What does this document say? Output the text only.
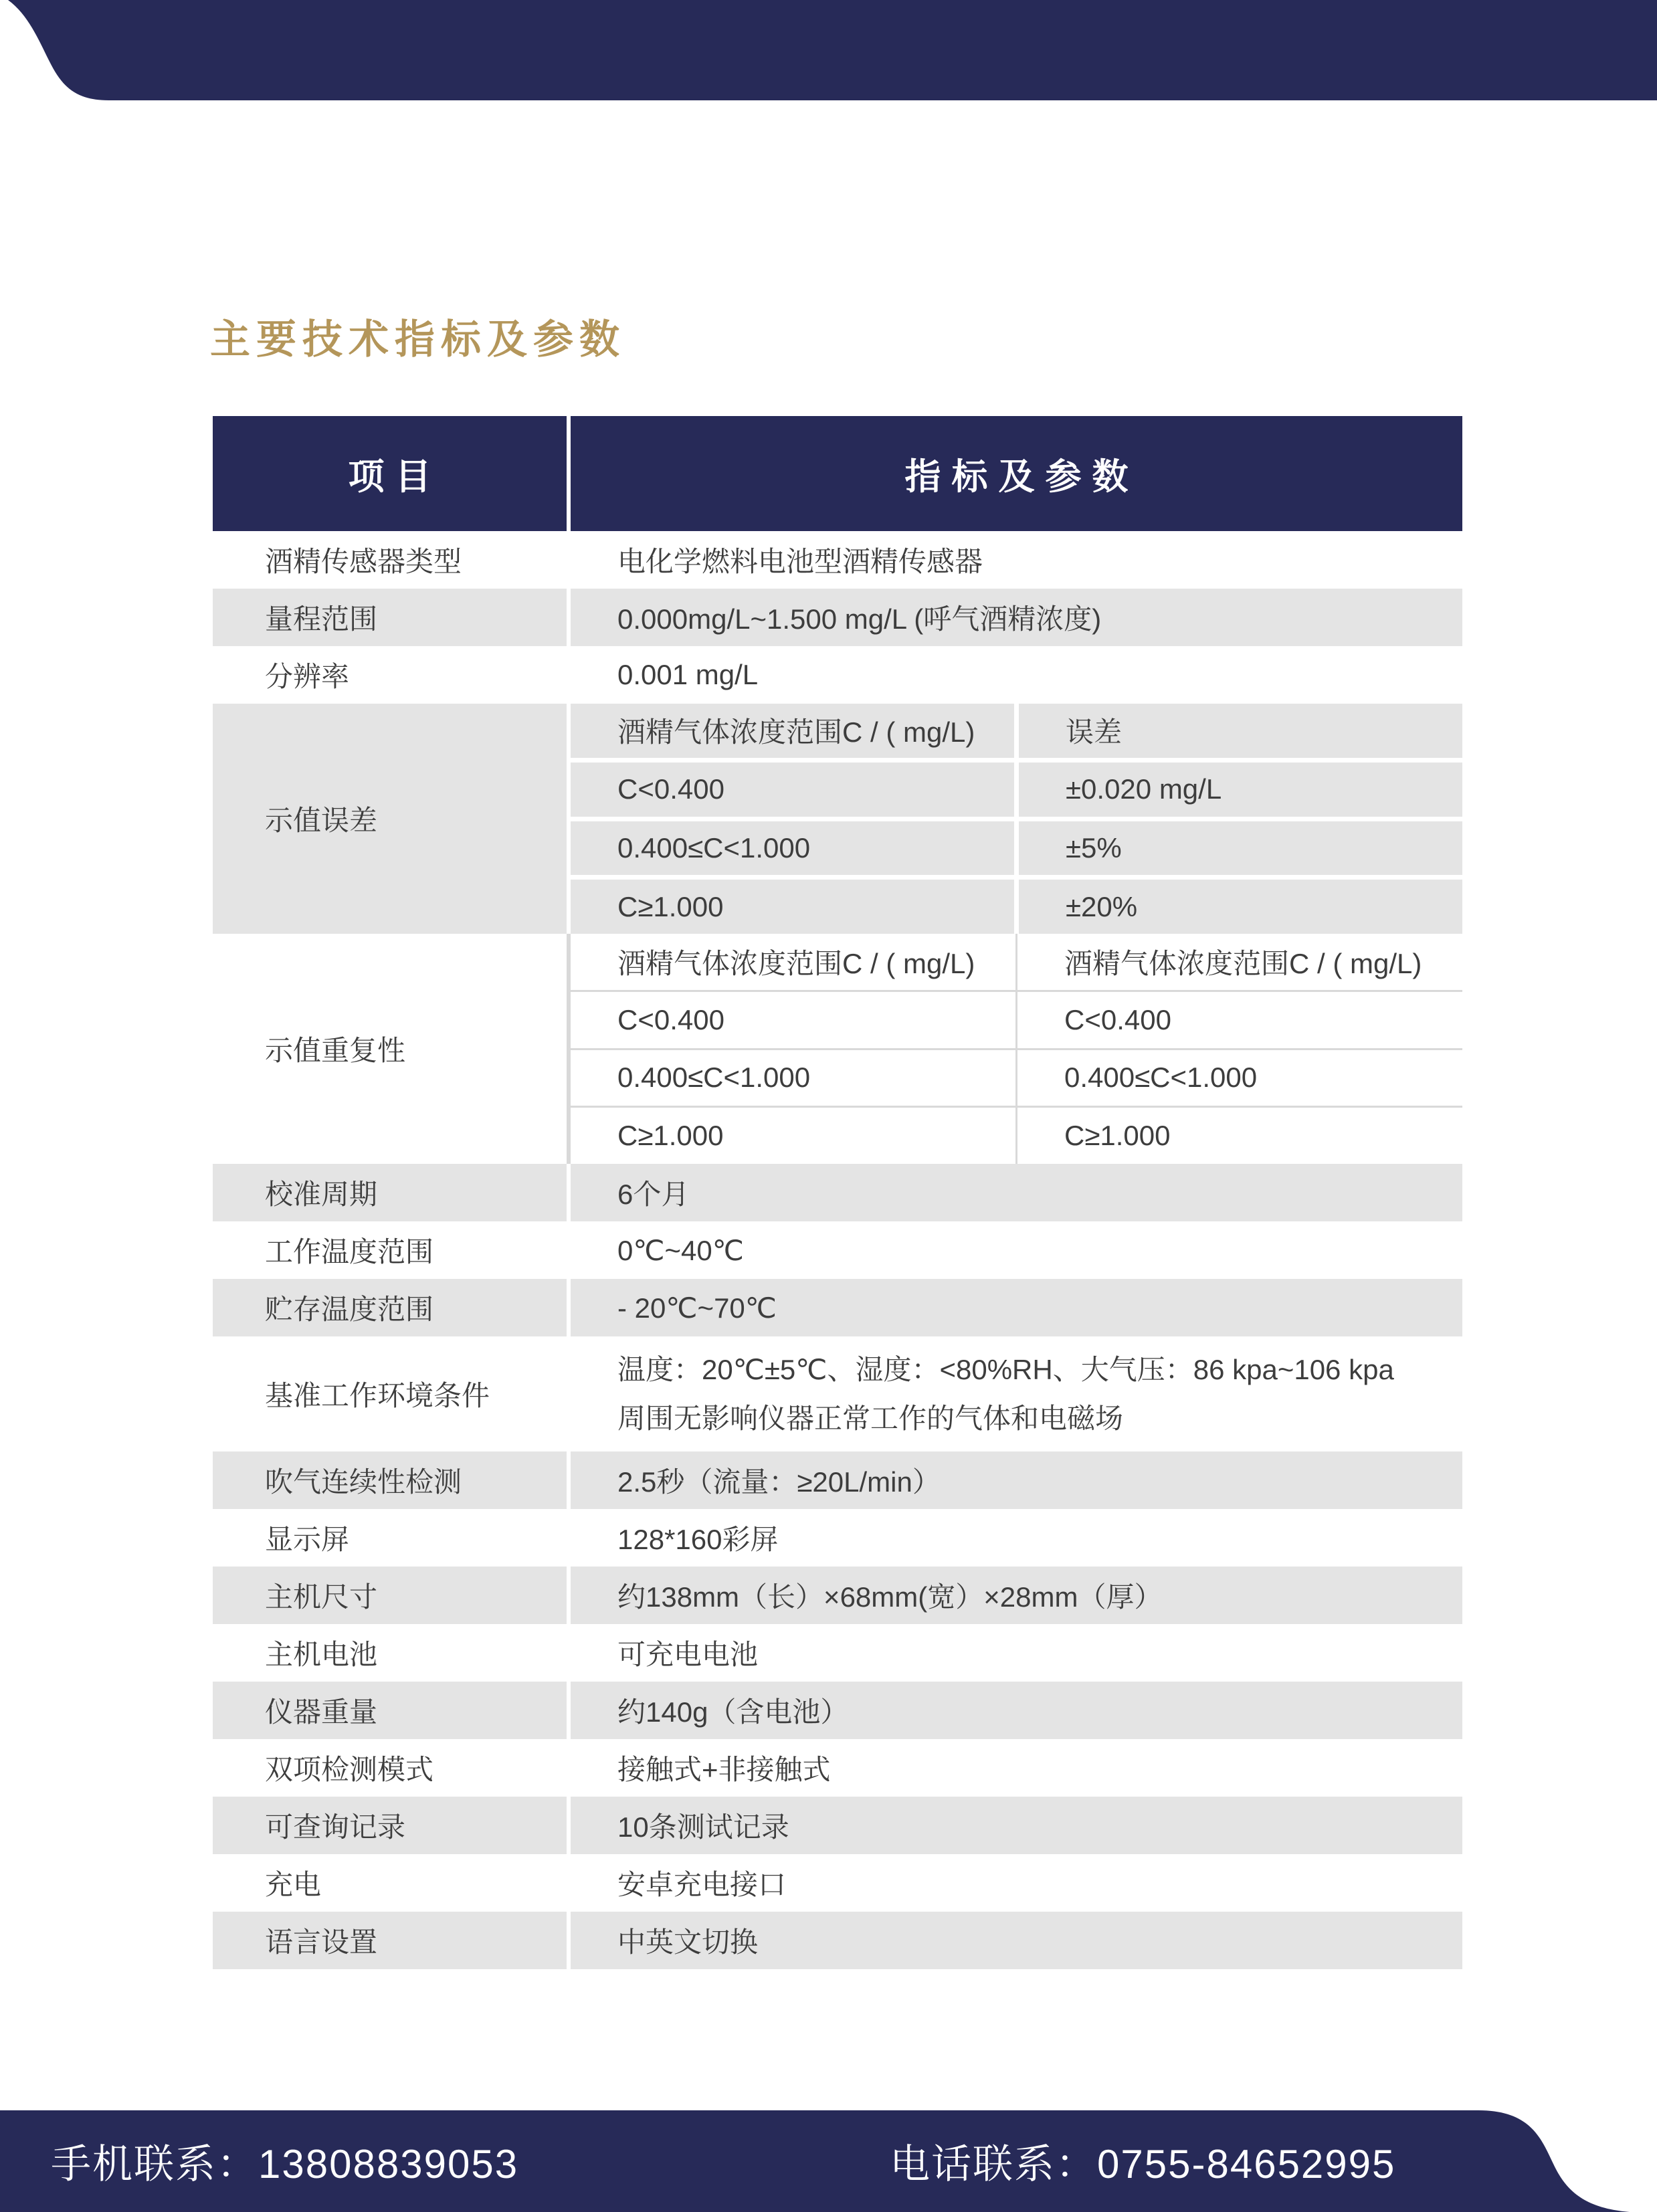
主要技术指标及参数
项目	指标及参数
酒精传感器类型	电化学燃料电池型酒精传感器
量程范围	0.000mg/L~1.500 mg/L (呼气酒精浓度)
分辨率	0.001 mg/L
示值误差
酒精气体浓度范围C / ( mg/L)	误差
C<0.400	±0.020 mg/L
0.400≤C<1.000	±5%
C≥1.000	±20%
示值重复性
酒精气体浓度范围C / ( mg/L)	酒精气体浓度范围C / ( mg/L)
C<0.400	C<0.400
0.400≤C<1.000	0.400≤C<1.000
C≥1.000	C≥1.000
校准周期	6个月
工作温度范围	0℃~40℃
贮存温度范围	- 20℃~70℃
基准工作环境条件
温度：20℃±5℃、湿度：<80%RH、大气压：86 kpa~106 kpa
周围无影响仪器正常工作的气体和电磁场
吹气连续性检测	2.5秒（流量：≥20L/min）
显示屏	128*160彩屏
主机尺寸	约138mm（长）×68mm(宽）×28mm（厚）
主机电池	可充电电池
仪器重量	约140g（含电池）
双项检测模式	接触式+非接触式
可查询记录	10条测试记录
充电	安卓充电接口
语言设置	中英文切换
手机联系：13808839053	电话联系：0755-84652995
